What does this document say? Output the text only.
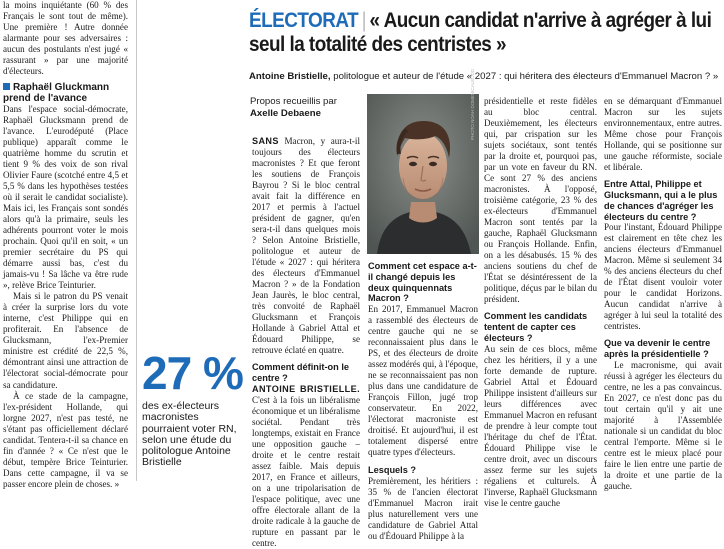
la moins inquiétante (60 % des Français le sont tout de même). Une première ! Autre donnée alarmante pour ses adversaires : aucun des postulants n'est jugé « rassurant » par une majorité d'électeurs.

Raphaël Gluckmann
prend de l'avance

Dans l'espace social-démocrate, Raphaël Glucksmann prend de l'avance. L'eurodéputé (Place publique) apparaît comme le quatrième homme du scrutin et tient 9 % des voix de son rival Olivier Faure (scotché entre 4,5 et 5,5 % dans les hypothèses testées où il serait le candidat socialiste). Mais ici, les Français sont sondés alors qu'à la primaire, seuls les adhérents pourront voter le mois prochain. Quoi qu'il en soit, « un premier secrétaire du PS qui démarre aussi bas, c'est du jamais-vu ! Sa lâche va être rude », relève Brice Teinturier.

Mais si le patron du PS venait à créer la surprise lors du vote interne, c'est Philippe qui en profiterait. En l'absence de Glucksmann, l'ex-Premier ministre est crédité de 22,5 %, démontrant ainsi une attraction de l'électorat social-démocrate pour sa candidature.

À ce stade de la campagne, l'ex-président Hollande, qui lorgne 2027, n'est pas testé, ne s'étant pas officiellement déclaré candidat. Tentera-t-il sa chance en fin d'année ? « Ce n'est que le début, tempère Brice Teinturier. Dans cette campagne, il va se passer encore plein de choses. »

ÉLECTORAT | « Aucun candidat n'arrive à agréger à lui seul la totalité des centristes »
Antoine Bristielle, politologue et auteur de l'étude « 2027 : qui héritera des électeurs d'Emmanuel Macron ? »
Propos recueillis par
Axelle Debaene	PHOTO NOAH DOMENICALE/JDD

SANS Macron, y aura-t-il toujours des électeurs macronistes ? Et que feront les soutiens de François Bayrou ? Si le bloc central avait fait la différence en 2017 et permis à l'actuel président de gagner, qu'en sera-t-il dans quelques mois ? Selon Antoine Bristielle, politologue et auteur de l'étude « 2027 : qui héritera des électeurs d'Emmanuel Macron ? » de la Fondation Jean Jaurès, le bloc central, très convoité de Raphaël Glucksmann et François Hollande à Gabriel Attal et Édouard Philippe, se retrouve éclaté en quatre.

Comment définit-on le centre ?

ANTOINE BRISTIELLE. C'est à la fois un libéralisme économique et un libéralisme sociétal. Pendant très longtemps, existait en France une opposition gauche – droite et le centre restait assez faible. Mais depuis 2017, en France et ailleurs, on a une tripolarisation de l'espace politique, avec une offre électorale allant de la droite radicale à la gauche de rupture en passant par le centre.

27 %
des ex-électeurs macronistes pourraient voter RN, selon une étude du politologue Antoine Bristielle

Comment cet espace a-t-il changé depuis les deux quinquennats Macron ?

En 2017, Emmanuel Macron a rassemblé des électeurs de centre gauche qui ne se reconnaissaient plus dans le PS, et des électeurs de droite assez modérés qui, à l'époque, ne se reconnaissaient pas non plus dans une candidature de François Fillon, jugé trop conservateur. En 2022, l'électorat macroniste est droitisé. Et aujourd'hui, il est totalement dispersé entre quatre types d'électeurs.

Lesquels ?

Premièrement, les héritiers : 35 % de l'ancien électorat d'Emmanuel Macron irait plus naturellement vers une candidature de Gabriel Attal ou d'Édouard Philippe à la

présidentielle et reste fidèles au bloc central. Deuxièmement, les électeurs qui, par crispation sur les sujets sociétaux, sont tentés par la droite et, pourquoi pas, par un vote en faveur du RN. Ce sont 27 % des anciens macronistes. À l'opposé, troisième catégorie, 23 % des ex-électeurs d'Emmanuel Macron sont tentés par la gauche, Raphaël Glucksmann ou François Hollande. Enfin, on a les désabusés. 15 % des anciens soutiens du chef de l'État se désintéressent de la politique, déçus par le bilan du président.

Comment les candidats tentent de capter ces électeurs ?

Au sein de ces blocs, même chez les héritiers, il y a une forte demande de rupture. Gabriel Attal et Édouard Philippe insistent d'ailleurs sur leurs différences avec Emmanuel Macron en refusant de prendre à leur compte tout l'héritage du chef de l'État. Édouard Philippe vise le centre droit, avec un discours assez ferme sur les sujets régaliens et culturels. À l'inverse, Raphaël Glucksmann vise le centre gauche

en se démarquant d'Emmanuel Macron sur les sujets environnementaux, entre autres. Même chose pour François Hollande, qui se positionne sur une gauche réformiste, sociale et libérale.

Entre Attal, Philippe et Glucksmann, qui a le plus de chances d'agréger les électeurs du centre ?

Pour l'instant, Édouard Philippe est clairement en tête chez les anciens électeurs d'Emmanuel Macron. Même si seulement 34 % des anciens électeurs du chef de l'État disent vouloir voter pour le candidat Horizons. Aucun candidat n'arrive à agréger à lui seul la totalité des centristes.

Que va devenir le centre après la présidentielle ?

Le macronisme, qui avait réussi à agréger les électeurs du centre, ne les a pas convaincus. En 2027, ce n'est donc pas du tout certain qu'il y ait une majorité à l'Assemblée nationale si un candidat du bloc central l'emporte. Même si le centre est le mieux placé pour faire le lien entre une partie de la droite et une partie de la gauche.
